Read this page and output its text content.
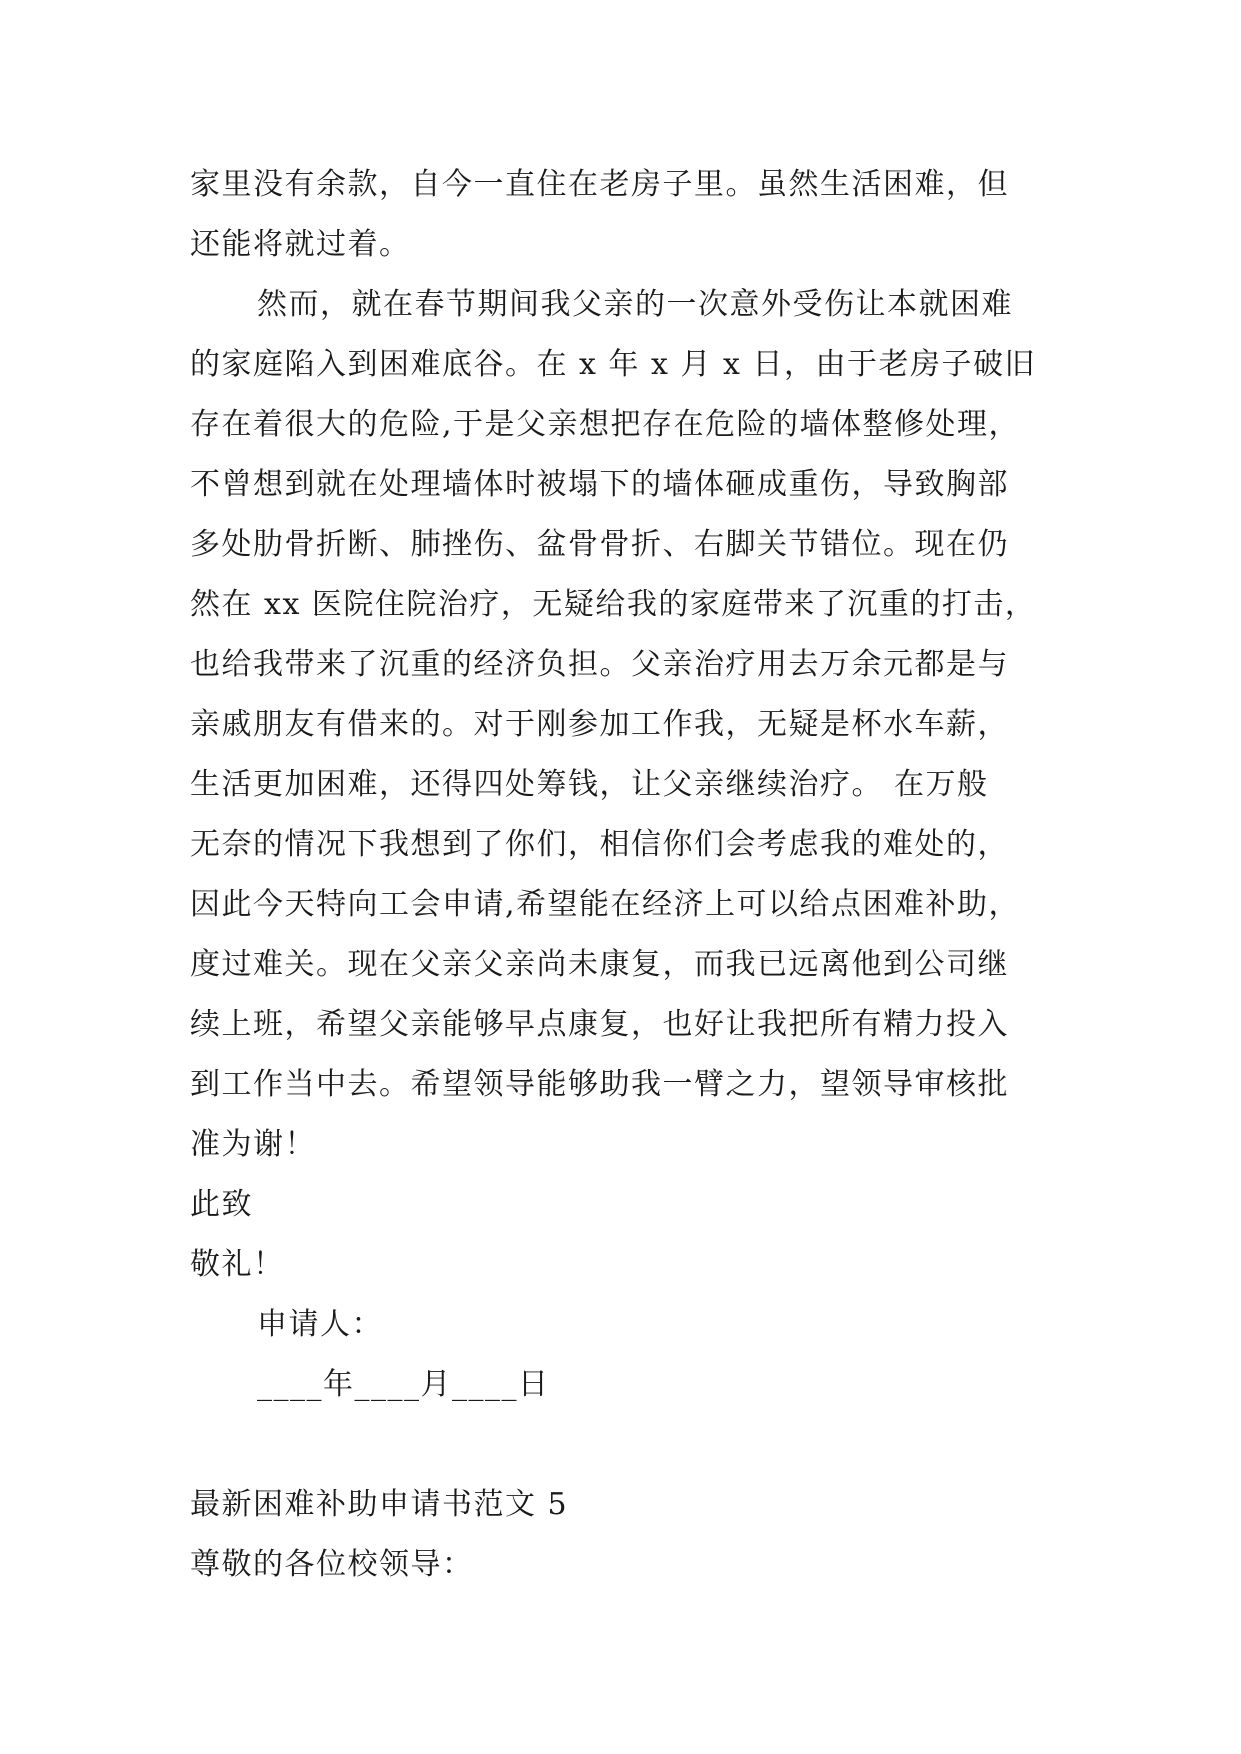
家里没有余款，自今一直住在老房子里。虽然生活困难，但
还能将就过着。
然而，就在春节期间我父亲的一次意外受伤让本就困难
的家庭陷入到困难底谷。在 x 年 x 月 x 日，由于老房子破旧
存在着很大的危险,于是父亲想把存在危险的墙体整修处理，
不曾想到就在处理墙体时被塌下的墙体砸成重伤，导致胸部
多处肋骨折断、肺挫伤、盆骨骨折、右脚关节错位。现在仍
然在 xx 医院住院治疗，无疑给我的家庭带来了沉重的打击，
也给我带来了沉重的经济负担。父亲治疗用去万余元都是与
亲戚朋友有借来的。对于刚参加工作我，无疑是杯水车薪，
生活更加困难，还得四处筹钱，让父亲继续治疗。 在万般
无奈的情况下我想到了你们，相信你们会考虑我的难处的，
因此今天特向工会申请,希望能在经济上可以给点困难补助，
度过难关。现在父亲父亲尚未康复，而我已远离他到公司继
续上班，希望父亲能够早点康复，也好让我把所有精力投入
到工作当中去。希望领导能够助我一臂之力，望领导审核批
准为谢！
此致
敬礼！
申请人：
____年____月____日
最新困难补助申请书范文 5
尊敬的各位校领导：
